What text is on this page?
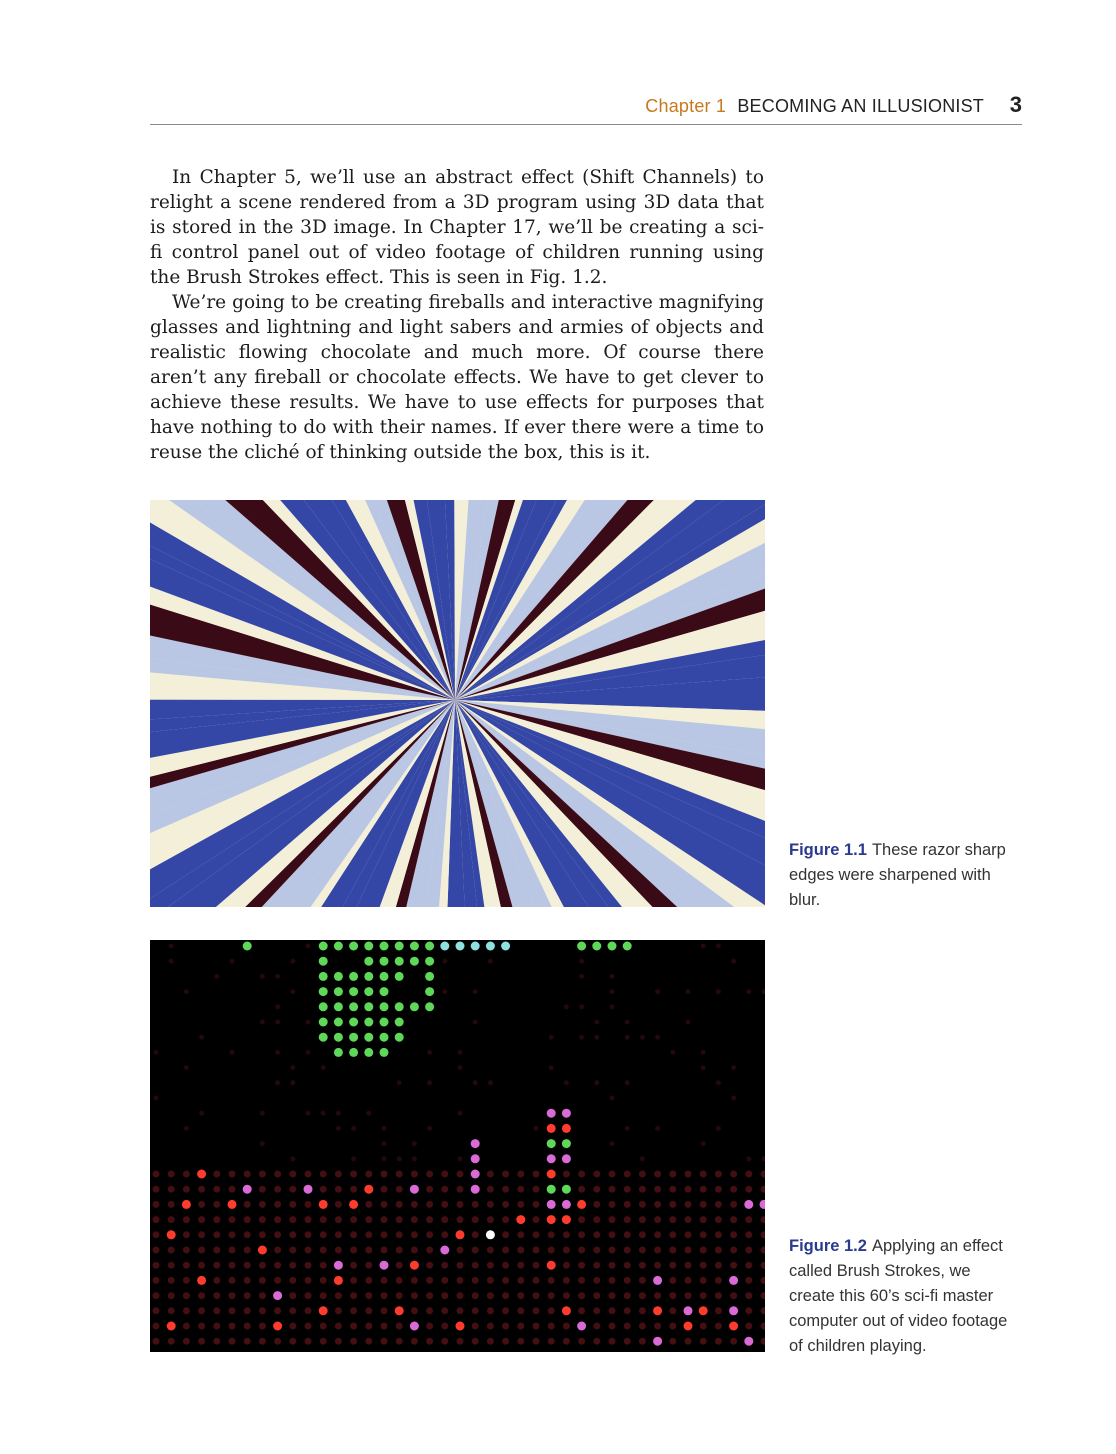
Chapter 1 BECOMING AN ILLUSIONIST 3

In Chapter 5, we’ll use an abstract effect (Shift Channels) to relight a scene rendered from a 3D program using 3D data that is stored in the 3D image. In Chapter 17, we’ll be creating a sci-fi control panel out of video footage of children running using the Brush Strokes effect. This is seen in Fig. 1.2.

We’re going to be creating fireballs and interactive magnifying glasses and lightning and light sabers and armies of objects and realistic flowing chocolate and much more. Of course there aren’t any fireball or chocolate effects. We have to get clever to achieve these results. We have to use effects for purposes that have nothing to do with their names. If ever there were a time to reuse the cliché of thinking outside the box, this is it.

Figure 1.1 These razor sharp edges were sharpened with blur.
Figure 1.2 Applying an effect called Brush Strokes, we create this 60’s sci-fi master computer out of video footage of children playing.
